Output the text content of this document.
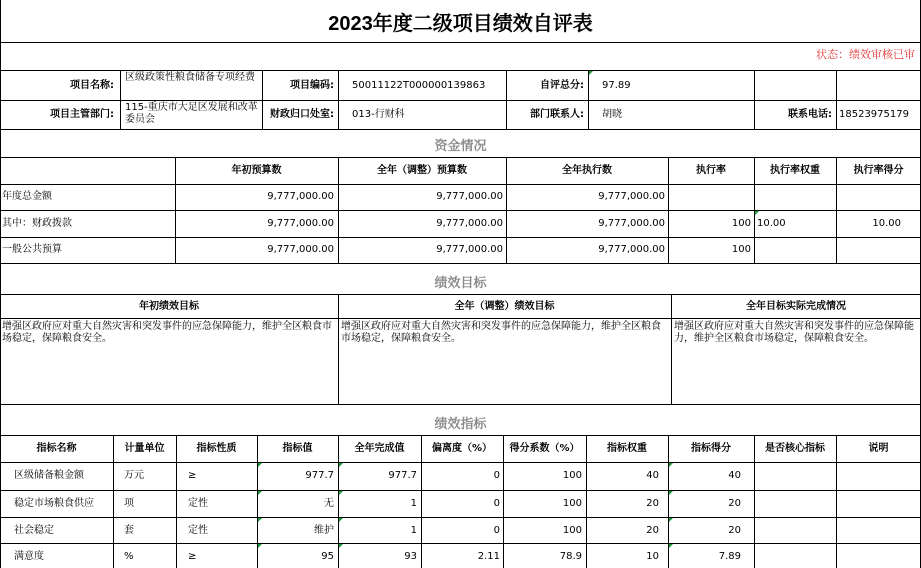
2023年度二级项目绩效自评表
状态：绩效审核已审
项目名称:
区级政策性粮食储备专项经费
项目编码: 50011122T000000139863	自评总分: 97.89
项目主管部门:
115-重庆市大足区发展和改革委员会	财政归口处室: 013-行财科	部门联系人: 胡晓	联系电话: 18523975179
资金情况
年初预算数	全年（调整）预算数	全年执行数	执行率	执行率权重	执行率得分
年度总金额	9,777,000.00	9,777,000.00	9,777,000.00
其中：财政拨款	9,777,000.00	9,777,000.00	9,777,000.00	100 10.00	10.00
一般公共预算	9,777,000.00	9,777,000.00	9,777,000.00	100
绩效目标
年初绩效目标	全年（调整）绩效目标	全年目标实际完成情况
增强区政府应对重大自然灾害和突发事件的应急保障能力，维护全区粮食市场稳定，保障粮食安全。
增强区政府应对重大自然灾害和突发事件的应急保障能力，维护全区粮食市场稳定，保障粮食安全。
增强区政府应对重大自然灾害和突发事件的应急保障能力，维护全区粮食市场稳定，保障粮食安全。
绩效指标
指标名称	计量单位	指标性质	指标值	全年完成值	偏离度（%）	得分系数（%）	指标权重	指标得分	是否核心指标	说明
区级储备粮金额	万元	≥	977.7	977.7	0	100	40	40
稳定市场粮食供应	项	定性	无	1	0	100	20	20
社会稳定	套	定性	维护	1	0	100	20	20
满意度	%	≥	95	93	2.11	78.9	10	7.89
